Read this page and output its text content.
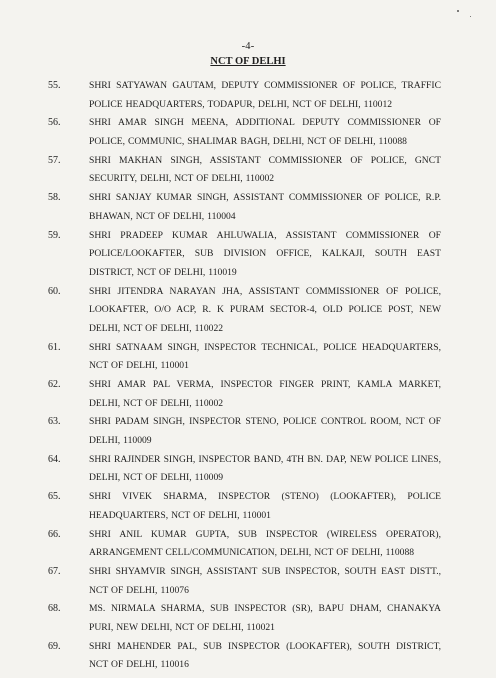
-4-
NCT OF DELHI
55.	SHRI SATYAWAN GAUTAM, DEPUTY COMMISSIONER OF POLICE, TRAFFIC POLICE HEADQUARTERS, TODAPUR, DELHI, NCT OF DELHI, 110012
56.	SHRI AMAR SINGH MEENA, ADDITIONAL DEPUTY COMMISSIONER OF POLICE, COMMUNIC, SHALIMAR BAGH, DELHI, NCT OF DELHI, 110088
57.	SHRI MAKHAN SINGH, ASSISTANT COMMISSIONER OF POLICE, GNCT SECURITY, DELHI, NCT OF DELHI, 110002
58.	SHRI SANJAY KUMAR SINGH, ASSISTANT COMMISSIONER OF POLICE, R.P. BHAWAN, NCT OF DELHI, 110004
59.	SHRI PRADEEP KUMAR AHLUWALIA, ASSISTANT COMMISSIONER OF POLICE/LOOKAFTER, SUB DIVISION OFFICE, KALKAJI, SOUTH EAST DISTRICT, NCT OF DELHI, 110019
60.	SHRI JITENDRA NARAYAN JHA, ASSISTANT COMMISSIONER OF POLICE, LOOKAFTER, O/O ACP, R. K PURAM SECTOR-4, OLD POLICE POST, NEW DELHI, NCT OF DELHI, 110022
61.	SHRI SATNAAM SINGH, INSPECTOR TECHNICAL, POLICE HEADQUARTERS, NCT OF DELHI, 110001
62.	SHRI AMAR PAL VERMA, INSPECTOR FINGER PRINT, KAMLA MARKET, DELHI, NCT OF DELHI, 110002
63.	SHRI PADAM SINGH, INSPECTOR STENO, POLICE CONTROL ROOM, NCT OF DELHI, 110009
64.	SHRI RAJINDER SINGH, INSPECTOR BAND, 4TH BN. DAP, NEW POLICE LINES, DELHI, NCT OF DELHI, 110009
65.	SHRI VIVEK SHARMA, INSPECTOR (STENO) (LOOKAFTER), POLICE HEADQUARTERS, NCT OF DELHI, 110001
66.	SHRI ANIL KUMAR GUPTA, SUB INSPECTOR (WIRELESS OPERATOR), ARRANGEMENT CELL/COMMUNICATION, DELHI, NCT OF DELHI, 110088
67.	SHRI SHYAMVIR SINGH, ASSISTANT SUB INSPECTOR, SOUTH EAST DISTT., NCT OF DELHI, 110076
68.	MS. NIRMALA SHARMA, SUB INSPECTOR (SR), BAPU DHAM, CHANAKYA PURI, NEW DELHI, NCT OF DELHI, 110021
69.	SHRI MAHENDER PAL, SUB INSPECTOR (LOOKAFTER), SOUTH DISTRICT, NCT OF DELHI, 110016
